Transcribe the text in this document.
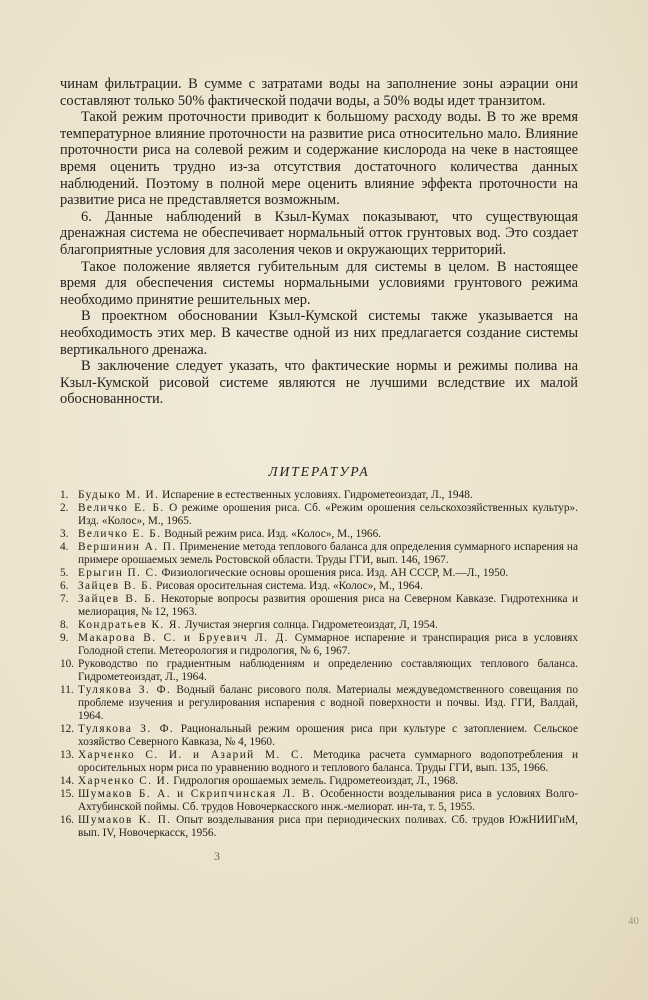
чинам фильтрации. В сумме с затратами воды на заполнение зоны аэрации они составляют только 50% фактической подачи воды, а 50% воды идет транзитом.

Такой режим проточности приводит к большому расходу воды. В то же время температурное влияние проточности на развитие риса относительно мало. Влияние проточности риса на солевой режим и содержание кислорода на чеке в настоящее время оценить трудно из-за отсутствия достаточного количества данных наблюдений. Поэтому в полной мере оценить влияние эффекта проточности на развитие риса не представляется возможным.

6. Данные наблюдений в Кзыл-Кумах показывают, что существующая дренажная система не обеспечивает нормальный отток грунтовых вод. Это создает благоприятные условия для засоления чеков и окружающих территорий.

Такое положение является губительным для системы в целом. В настоящее время для обеспечения системы нормальными условиями грунтового режима необходимо принятие решительных мер.

В проектном обосновании Кзыл-Кумской системы также указывается на необходимость этих мер. В качестве одной из них предлагается создание системы вертикального дренажа.

В заключение следует указать, что фактические нормы и режимы полива на Кзыл-Кумской рисовой системе являются не лучшими вследствие их малой обоснованности.

ЛИТЕРАТУРА
1. Будыко М. И. Испарение в естественных условиях. Гидрометеоиздат, Л., 1948.
2. Величко Е. Б. О режиме орошения риса. Сб. «Режим орошения сельскохозяйственных культур». Изд. «Колос», М., 1965.
3. Величко Е. Б. Водный режим риса. Изд. «Колос», М., 1966.
4. Вершинин А. П. Применение метода теплового баланса для определения суммарного испарения на примере орошаемых земель Ростовской области. Труды ГГИ, вып. 146, 1967.
5. Ерыгин П. С. Физиологические основы орошения риса. Изд. АН СССР, М.—Л., 1950.
6. Зайцев В. Б. Рисовая оросительная система. Изд. «Колос», М., 1964.
7. Зайцев В. Б. Некоторые вопросы развития орошения риса на Северном Кавказе. Гидротехника и мелиорация, № 12, 1963.
8. Кондратьев К. Я. Лучистая энергия солнца. Гидрометеоиздат, Л, 1954.
9. Макарова В. С. и Бруевич Л. Д. Суммарное испарение и транспирация риса в условиях Голодной степи. Метеорология и гидрология, № 6, 1967.
10. Руководство по градиентным наблюдениям и определению составляющих теплового баланса. Гидрометеоиздат, Л., 1964.
11. Тулякова З. Ф. Водный баланс рисового поля. Материалы междуведомственного совещания по проблеме изучения и регулирования испарения с водной поверхности и почвы. Изд. ГГИ, Валдай, 1964.
12. Тулякова З. Ф. Рациональный режим орошения риса при культуре с затоплением. Сельское хозяйство Северного Кавказа, № 4, 1960.
13. Харченко С. И. и Азарий М. С. Методика расчета суммарного водопотребления и оросительных норм риса по уравнению водного и теплового баланса. Труды ГГИ, вып. 135, 1966.
14. Харченко С. И. Гидрология орошаемых земель. Гидрометеоиздат, Л., 1968.
15. Шумаков Б. А. и Скрипчинская Л. В. Особенности возделывания риса в условиях Волго-Ахтубинской поймы. Сб. трудов Новочеркасского инж.-мелиорат. ин-та, т. 5, 1955.
16. Шумаков К. П. Опыт возделывания риса при периодических поливах. Сб. трудов ЮжНИИГиМ, вып. IV, Новочеркасск, 1956.
3
40
